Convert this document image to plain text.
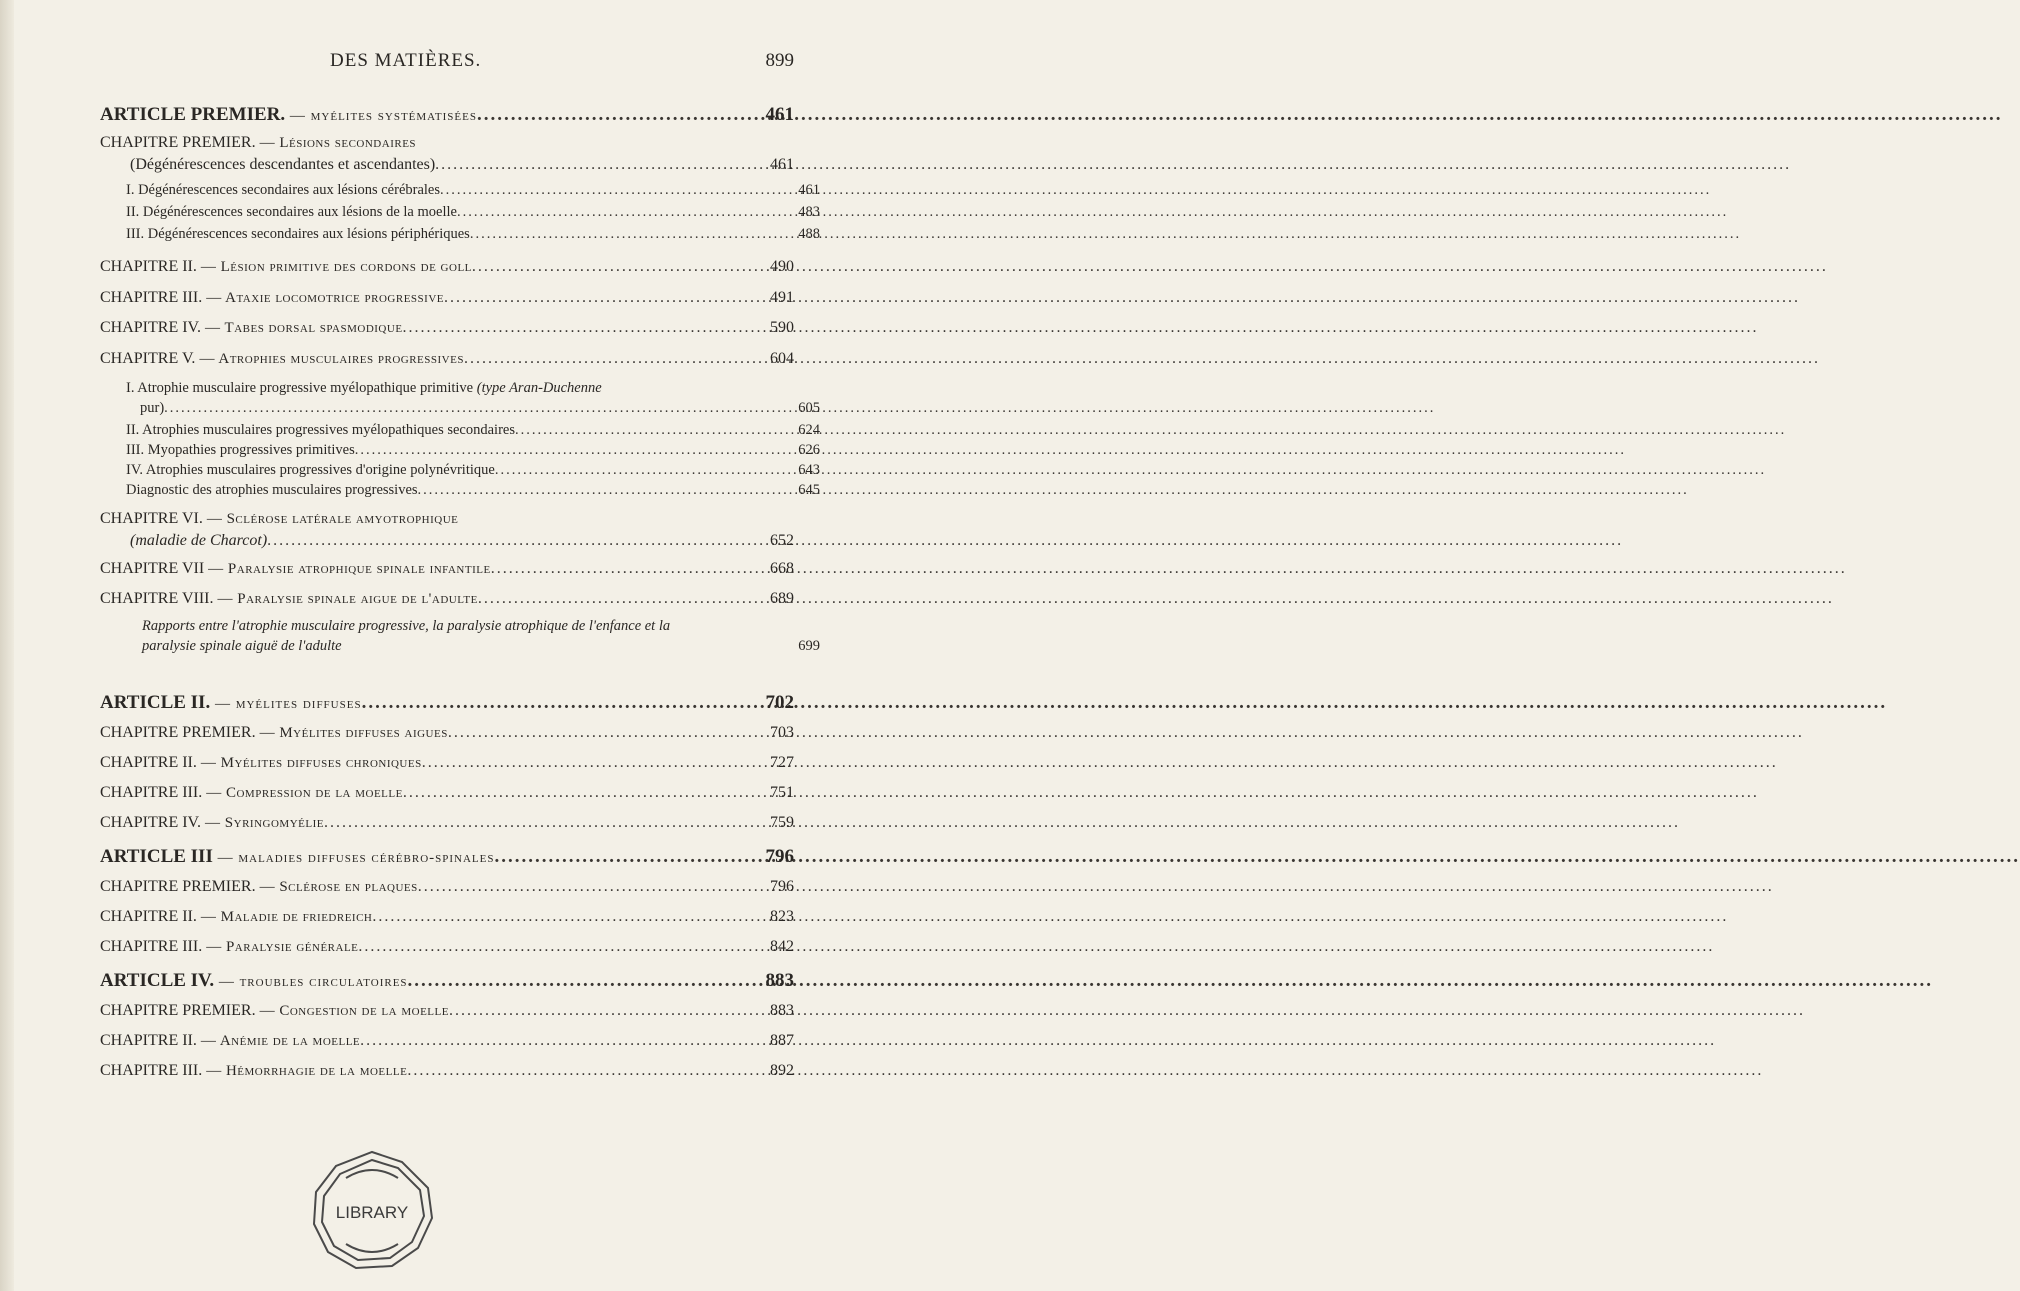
DES MATIÈRES.	899
ARTICLE PREMIER. — myélites systématisées .....	461
CHAPITRE PREMIER. — Lésions secondaires
(Dégénérescences descendantes et ascendantes) .....	461
I. Dégénérescences secondaires aux lésions cérébrales .....	461
II. Dégénérescences secondaires aux lésions de la moelle .....	483
III. Dégénérescences secondaires aux lésions périphériques .....	488
CHAPITRE II. — Lésion primitive des cordons de goll .....	490
CHAPITRE III. — Ataxie locomotrice progressive .....	491
CHAPITRE IV. — Tabes dorsal spasmodique .....	590
CHAPITRE V. — Atrophies musculaires progressives .....	604
I. Atrophie musculaire progressive myélopathique primitive (type Aran-Duchenne
pur) .....	605
II. Atrophies musculaires progressives myélopathiques secondaires .....	624
III. Myopathies progressives primitives .....	626
IV. Atrophies musculaires progressives d'origine polynévritique .....	643
Diagnostic des atrophies musculaires progressives .....	645
CHAPITRE VI. — Sclérose latérale amyotrophique
(maladie de Charcot) .....	652
CHAPITRE VII — Paralysie atrophique spinale infantile .....	668
CHAPITRE VIII. — Paralysie spinale aigue de l'adulte .....	689
Rapports entre l'atrophie musculaire progressive, la paralysie atrophique de l'enfance et la paralysie spinale aiguë de l'adulte	699
ARTICLE II. — myélites diffuses .....	702
CHAPITRE PREMIER. — Myélites diffuses aigues .....	703
CHAPITRE II. — Myélites diffuses chroniques .....	727
CHAPITRE III. — Compression de la moelle .....	751
CHAPITRE IV. — Syringomyélie .....	759
ARTICLE III — maladies diffuses cérébro-spinales .....	796
CHAPITRE PREMIER. — Sclérose en plaques .....	796
CHAPITRE II. — Maladie de friedreich .....	823
CHAPITRE III. — Paralysie générale .....	842
ARTICLE IV. — troubles circulatoires .....	883
CHAPITRE PREMIER. — Congestion de la moelle .....	883
CHAPITRE II. — Anémie de la moelle .....	887
CHAPITRE III. — Hémorrhagie de la moelle .....	892
LIBRARY
